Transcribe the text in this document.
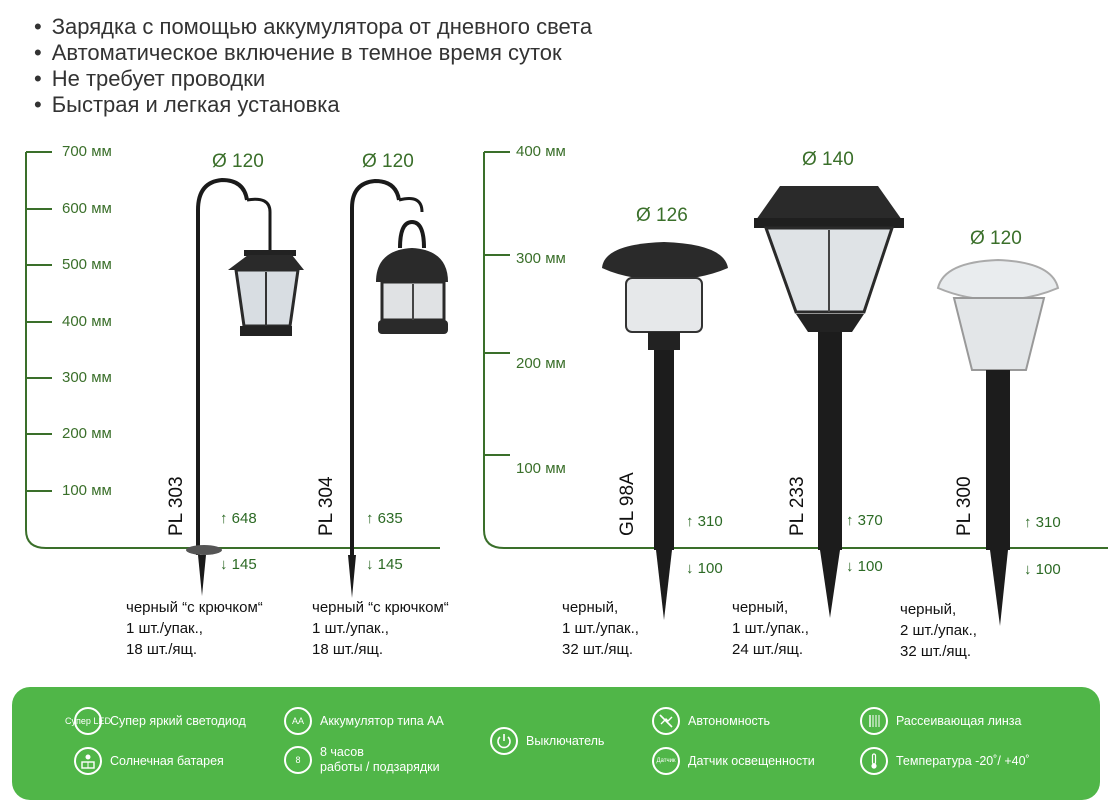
• Зарядка с помощью аккумулятора от дневного света
• Автоматическое включение в темное время суток
• Не требует проводки
• Быстрая и легкая установка
700 мм
600 мм
500 мм
400 мм
300 мм
200 мм
100 мм
400 мм
300 мм
200 мм
100 мм
Ø 120	Ø 120
Ø 126
Ø 140
Ø 120
PL 303	PL 304	GL 98A	PL 233	PL 300
↑ 648
↓ 145
↑ 635
↓ 145
↑ 310
↓ 100
↑ 370
↓ 100
↑ 310
↓ 100
черный “с крючком“
1 шт./упак.,
18 шт./ящ.
черный “с крючком“
1 шт./упак.,
18 шт./ящ.
черный,
1 шт./упак.,
32 шт./ящ.
черный,
1 шт./упак.,
24 шт./ящ.
черный,
2 шт./упак.,
32 шт./ящ.
Супер LED Супер яркий светодиод
Солнечная батарея
AA	Аккумулятор типа АА
8
8 часов
работы / подзарядки
Выключатель
Автономность
Датчик Датчик освещенности
Рассеивающая линза
Температура -20˚/ +40˚
